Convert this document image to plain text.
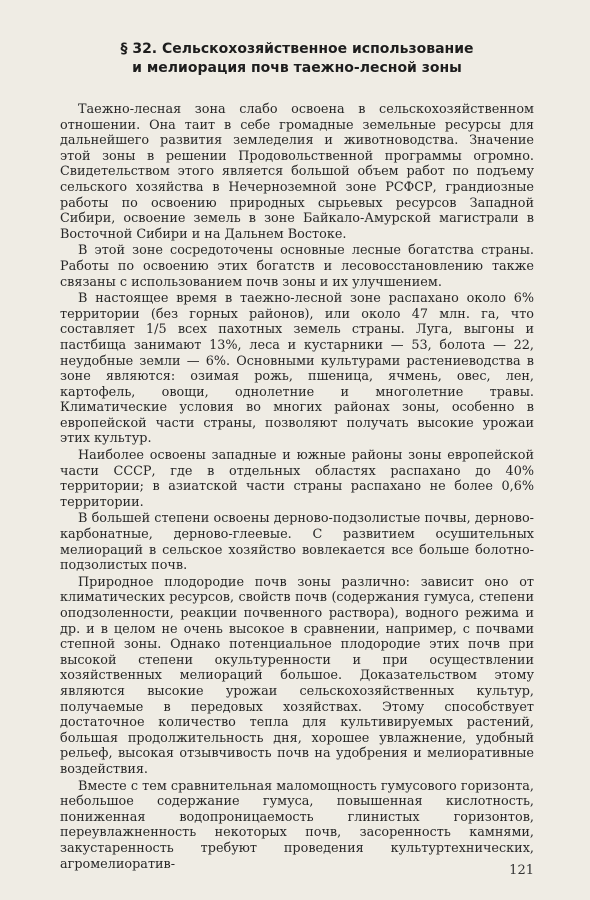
§ 32. Сельскохозяйственное использование
и мелиорация почв таежно-лесной зоны

Таежно-лесная зона слабо освоена в сельскохозяйственном отношении. Она таит в себе громадные земельные ресурсы для дальнейшего развития земледелия и животноводства. Значение этой зоны в решении Продовольственной программы огромно. Свидетельством этого является большой объем работ по подъему сельского хозяйства в Нечерноземной зоне РСФСР, грандиозные работы по освоению природных сырьевых ресурсов Западной Сибири, освоение земель в зоне Байкало-Амурской магистрали в Восточной Сибири и на Дальнем Востоке.

В этой зоне сосредоточены основные лесные богатства страны. Работы по освоению этих богатств и лесовосстановлению также связаны с использованием почв зоны и их улучшением.

В настоящее время в таежно-лесной зоне распахано около 6% территории (без горных районов), или около 47 млн. га, что составляет 1/5 всех пахотных земель страны. Луга, выгоны и пастбища занимают 13%, леса и кустарники — 53, болота — 22, неудобные земли — 6%. Основными культурами растениеводства в зоне являются: озимая рожь, пшеница, ячмень, овес, лен, картофель, овощи, однолетние и многолетние травы. Климатические условия во многих районах зоны, особенно в европейской части страны, позволяют получать высокие урожаи этих культур.

Наиболее освоены западные и южные районы зоны европейской части СССР, где в отдельных областях распахано до 40% территории; в азиатской части страны распахано не более 0,6% территории.

В большей степени освоены дерново-подзолистые почвы, дерново-карбонатные, дерново-глеевые. С развитием осушительных мелиораций в сельское хозяйство вовлекается все больше болотно-подзолистых почв.

Природное плодородие почв зоны различно: зависит оно от климатических ресурсов, свойств почв (содержания гумуса, степени оподзоленности, реакции почвенного раствора), водного режима и др. и в целом не очень высокое в сравнении, например, с почвами степной зоны. Однако потенциальное плодородие этих почв при высокой степени окультуренности и при осуществлении хозяйственных мелиораций большое. Доказательством этому являются высокие урожаи сельскохозяйственных культур, получаемые в передовых хозяйствах. Этому способствует достаточное количество тепла для культивируемых растений, большая продолжительность дня, хорошее увлажнение, удобный рельеф, высокая отзывчивость почв на удобрения и мелиоративные воздействия.

Вместе с тем сравнительная маломощность гумусового горизонта, небольшое содержание гумуса, повышенная кислотность, пониженная водопроницаемость глинистых горизонтов, переувлажненность некоторых почв, засоренность камнями, закустаренность требуют проведения культуртехнических, агромелиоратив-	121
